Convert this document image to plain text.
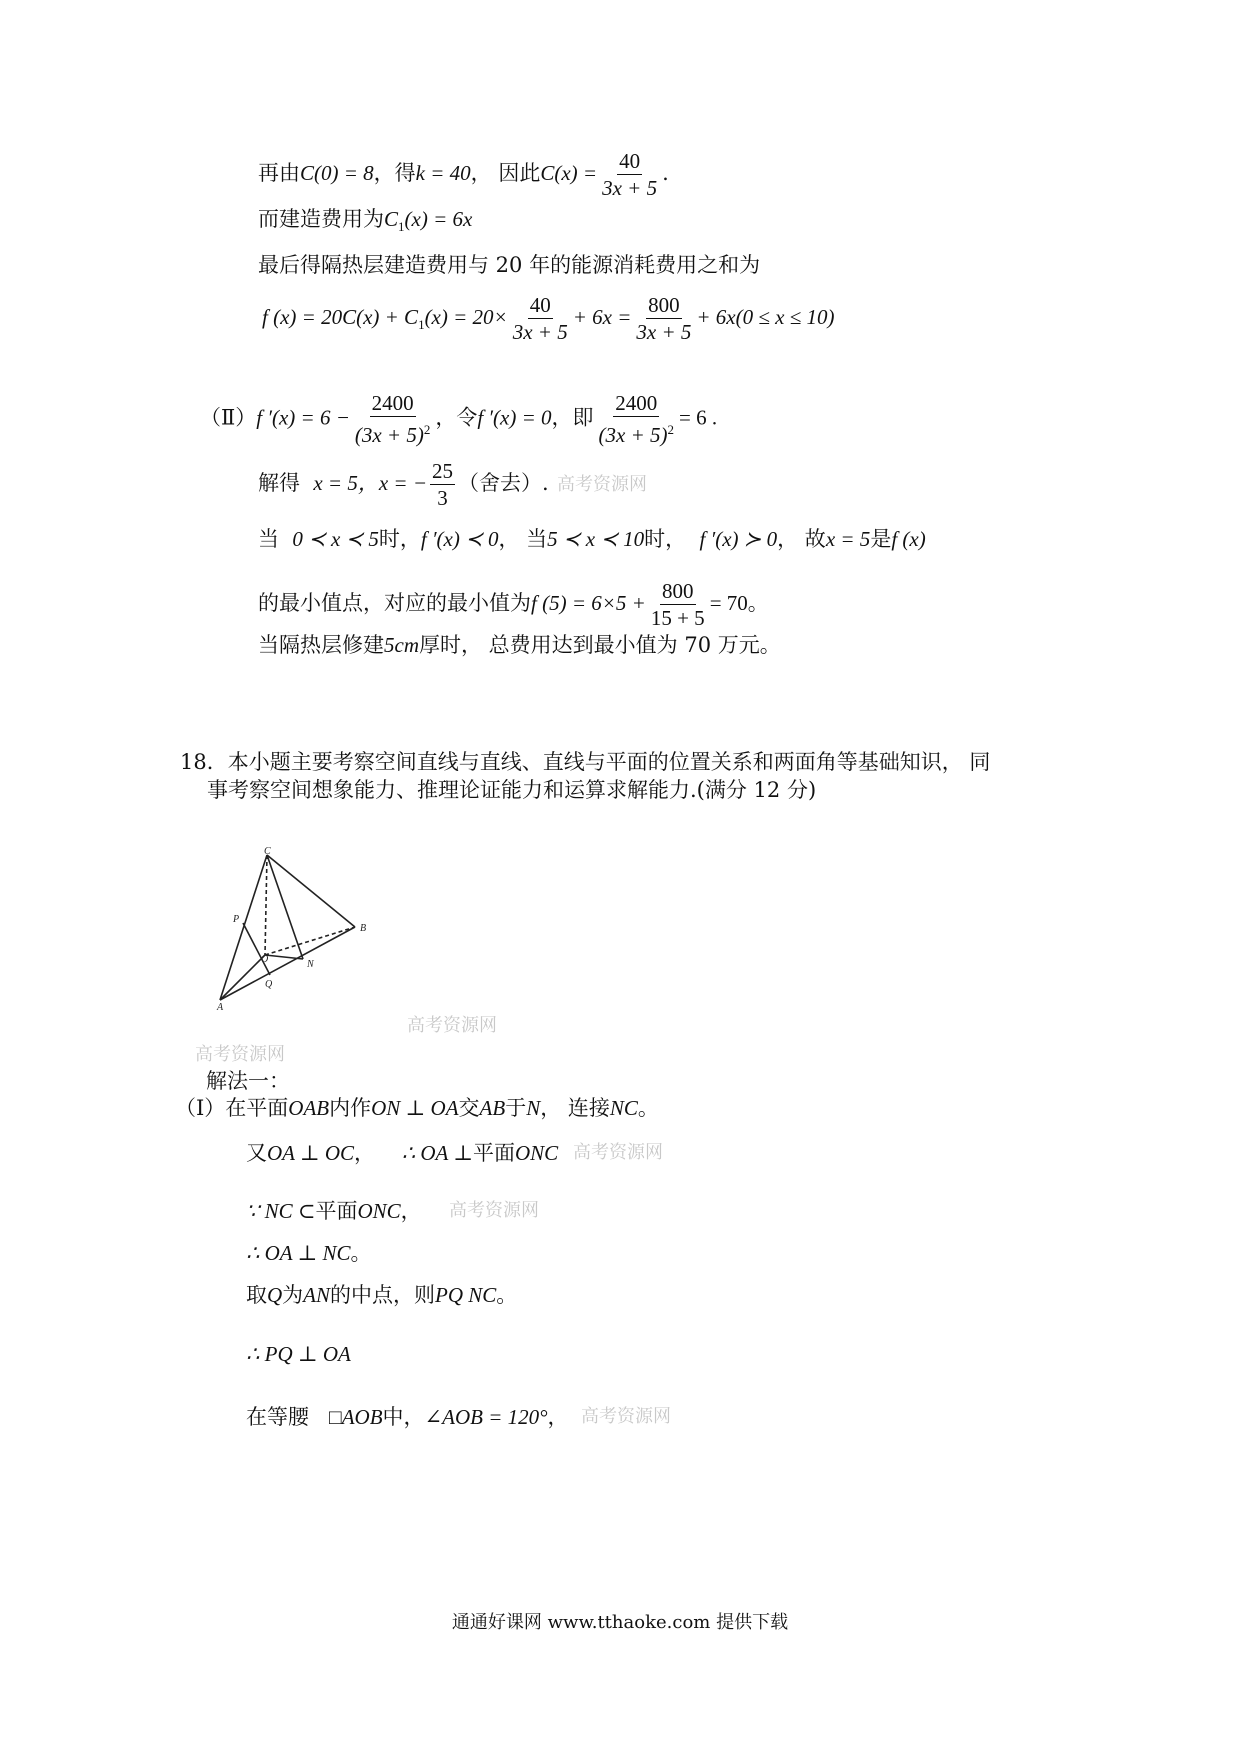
再由C(0) = 8，得k = 40， 因此$C(x) = \frac{40}{3x + 5}$ .
而建造费用为$C_1(x) = 6x$
最后得隔热层建造费用与 20 年的能源消耗费用之和为
f $(x) = 20C(x) + C_1(x) = 20\times \frac{40}{3x + 5} + 6x = \frac{800}{3x + 5} + 6x(0 \le x \le 10)$
（Ⅱ）f $'(x) = 6 - \frac{2400}{(3x + 5)^2}$ ，令f ′(x) = 0，即 $\frac{2400}{(3x + 5)^2} = 6$ .
解得 x = 5，x = − $\frac{25}{3}$ （舍去）. 高考资源网
当 0 ≺ x ≺ 5时，f ′(x) ≺ 0， 当5 ≺ x ≺ 10时， f ′(x) ≻ 0， 故x = 5是f (x)
的最小值点，对应的最小值为f $(5) = 6\times 5 + \frac{800}{15 + 5} = 70$。
当隔热层修建5cm厚时， 总费用达到最小值为 70 万元。
18．本小题主要考察空间直线与直线、直线与平面的位置关系和两面角等基础知识， 同
事考察空间想象能力、推理论证能力和运算求解能力.(满分 12 分)
C
P
O
B
N
Q
A
高考资源网
高考资源网
解法一：
（Ⅰ）在平面OAB内作ON ⊥ OA交AB于N， 连接NC。
又OA ⊥ OC， ∴ OA ⊥平面ONC 高考资源网
∵ NC ⊂平面ONC， 高考资源网
∴ OA ⊥ NC。
取Q为AN的中点，则PQ NC。
∴ PQ ⊥ OA
在等腰 □AOB中，∠AOB = 120°， 高考资源网
通通好课网 www.tthaoke.com 提供下载
